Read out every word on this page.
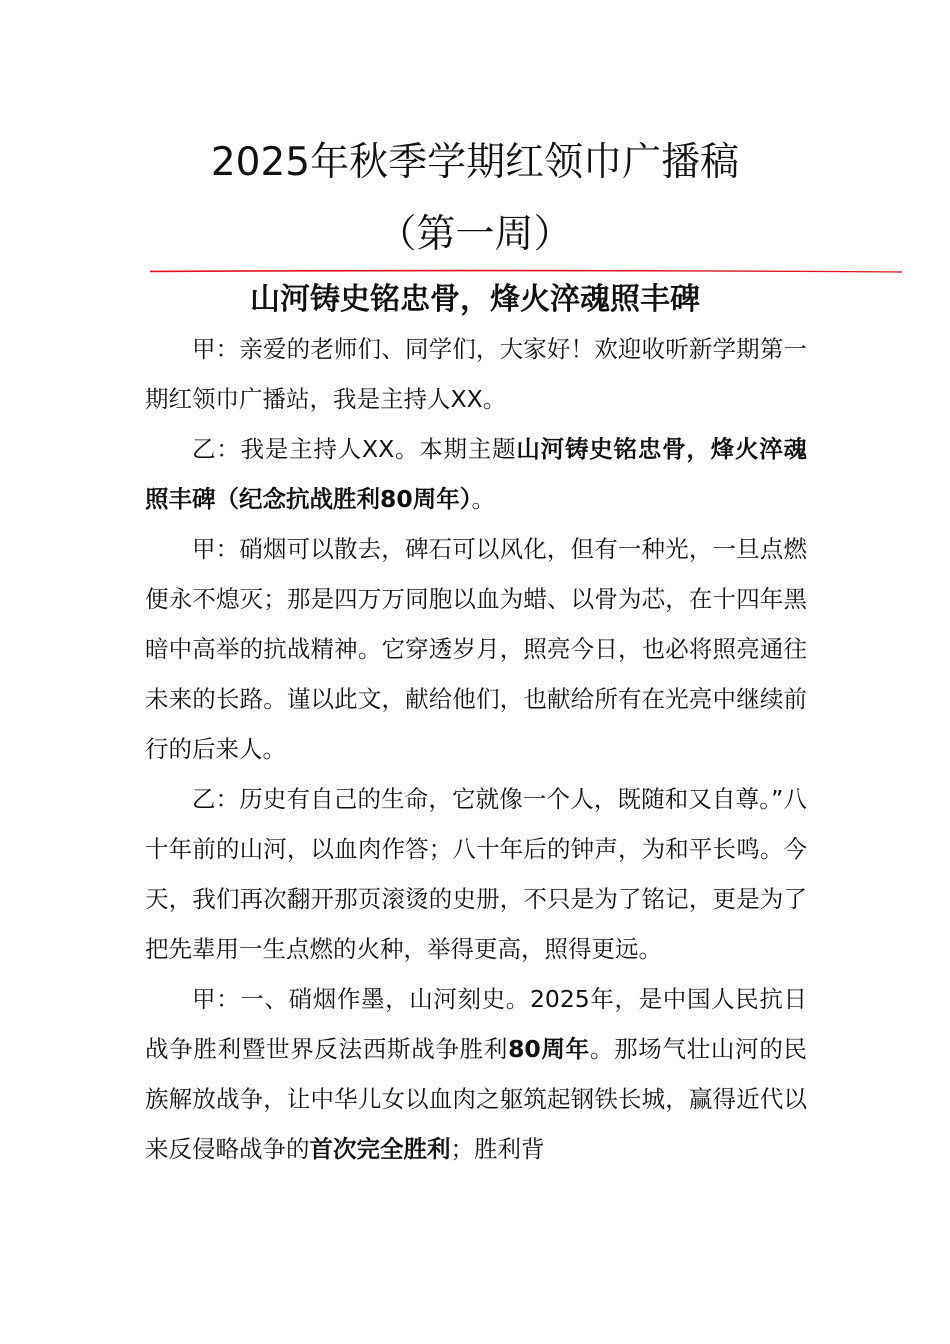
2025年秋季学期红领巾广播稿
（第一周）
山河铸史铭忠骨，烽火淬魂照丰碑

甲：亲爱的老师们、同学们，大家好！欢迎收听新学期第一期红领巾广播站，我是主持人XX。

乙：我是主持人XX。本期主题山河铸史铭忠骨，烽火淬魂照丰碑（纪念抗战胜利80周年）。

甲：硝烟可以散去，碑石可以风化，但有一种光，一旦点燃便永不熄灭；那是四万万同胞以血为蜡、以骨为芯，在十四年黑暗中高举的抗战精神。它穿透岁月，照亮今日，也必将照亮通往未来的长路。谨以此文，献给他们，也献给所有在光亮中继续前行的后来人。

乙：历史有自己的生命，它就像一个人，既随和又自尊。”八十年前的山河，以血肉作答；八十年后的钟声，为和平长鸣。今天，我们再次翻开那页滚烫的史册，不只是为了铭记，更是为了把先辈用一生点燃的火种，举得更高，照得更远。

甲：一、硝烟作墨，山河刻史。2025年，是中国人民抗日战争胜利暨世界反法西斯战争胜利80周年。那场气壮山河的民族解放战争，让中华儿女以血肉之躯筑起钢铁长城，赢得近代以来反侵略战争的首次完全胜利；胜利背
